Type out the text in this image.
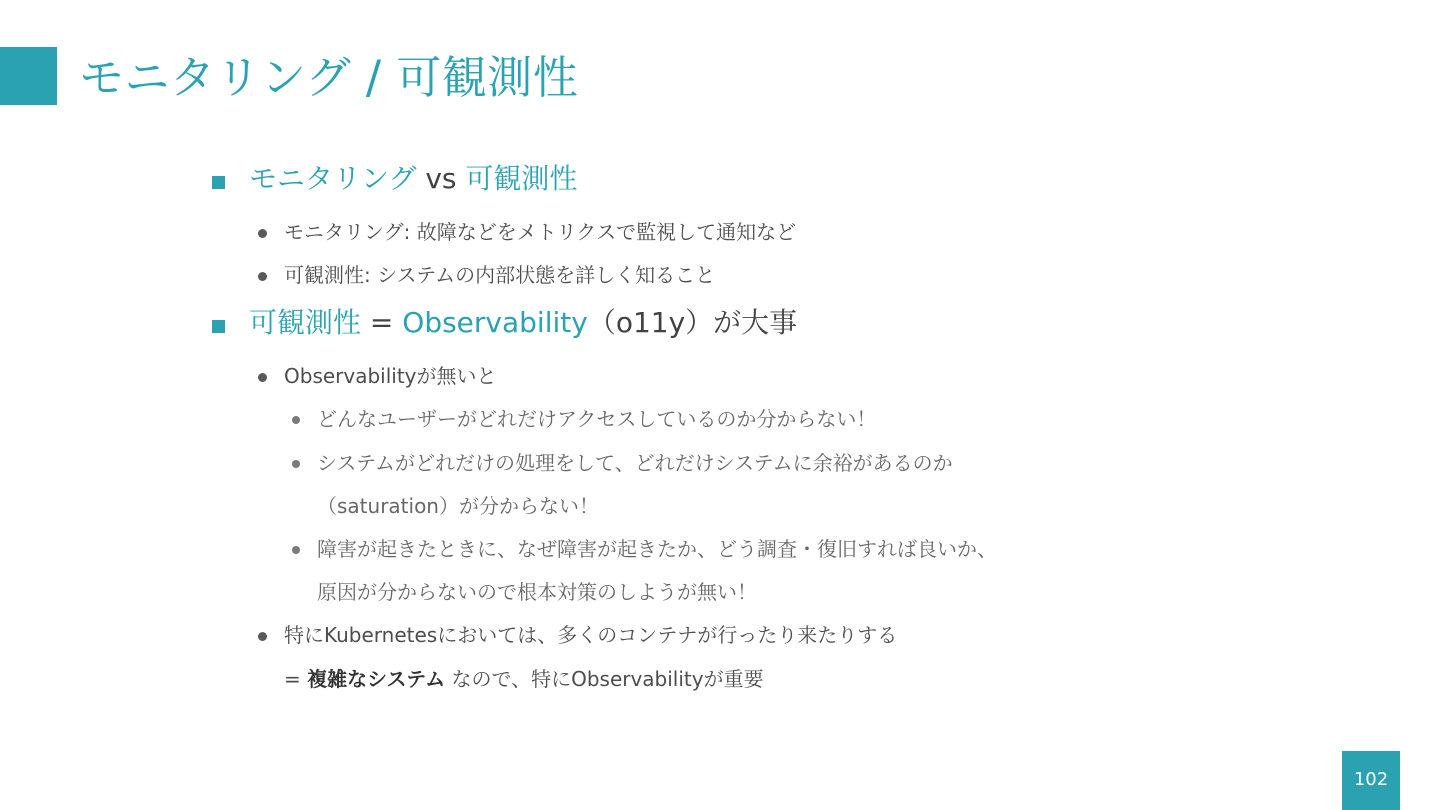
モニタリング / 可観測性
モニタリング vs 可観測性
モニタリング: 故障などをメトリクスで監視して通知など
可観測性: システムの内部状態を詳しく知ること
可観測性 = Observability（o11y）が大事
Observabilityが無いと
どんなユーザーがどれだけアクセスしているのか分からない！
システムがどれだけの処理をして、どれだけシステムに余裕があるのか
（saturation）が分からない！
障害が起きたときに、なぜ障害が起きたか、どう調査・復旧すれば良いか、
原因が分からないので根本対策のしようが無い！
特にKubernetesにおいては、多くのコンテナが行ったり来たりする
= 複雑なシステム なので、特にObservabilityが重要
102
